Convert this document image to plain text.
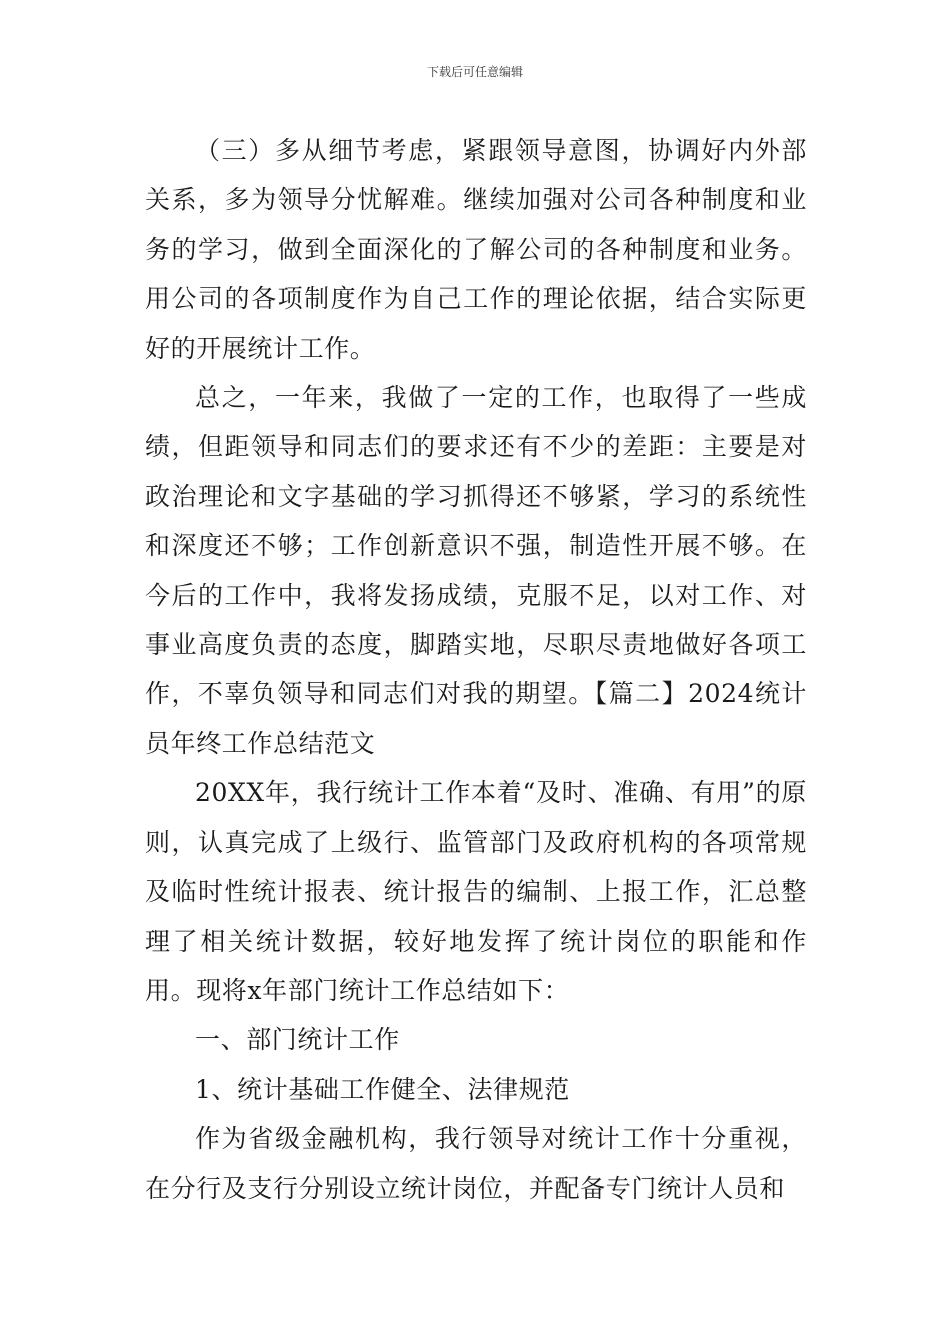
下载后可任意编辑

（三）多从细节考虑，紧跟领导意图，协调好内外部关系，多为领导分忧解难。继续加强对公司各种制度和业务的学习，做到全面深化的了解公司的各种制度和业务。用公司的各项制度作为自己工作的理论依据，结合实际更好的开展统计工作。

总之，一年来，我做了一定的工作，也取得了一些成绩，但距领导和同志们的要求还有不少的差距：主要是对政治理论和文字基础的学习抓得还不够紧，学习的系统性和深度还不够；工作创新意识不强，制造性开展不够。在今后的工作中，我将发扬成绩，克服不足，以对工作、对事业高度负责的态度，脚踏实地，尽职尽责地做好各项工作，不辜负领导和同志们对我的期望。【篇二】2024统计员年终工作总结范文

20XX年，我行统计工作本着“及时、准确、有用”的原则，认真完成了上级行、监管部门及政府机构的各项常规及临时性统计报表、统计报告的编制、上报工作，汇总整理了相关统计数据，较好地发挥了统计岗位的职能和作用。现将x年部门统计工作总结如下：

一、部门统计工作

1、统计基础工作健全、法律规范

作为省级金融机构，我行领导对统计工作十分重视，在分行及支行分别设立统计岗位，并配备专门统计人员和
